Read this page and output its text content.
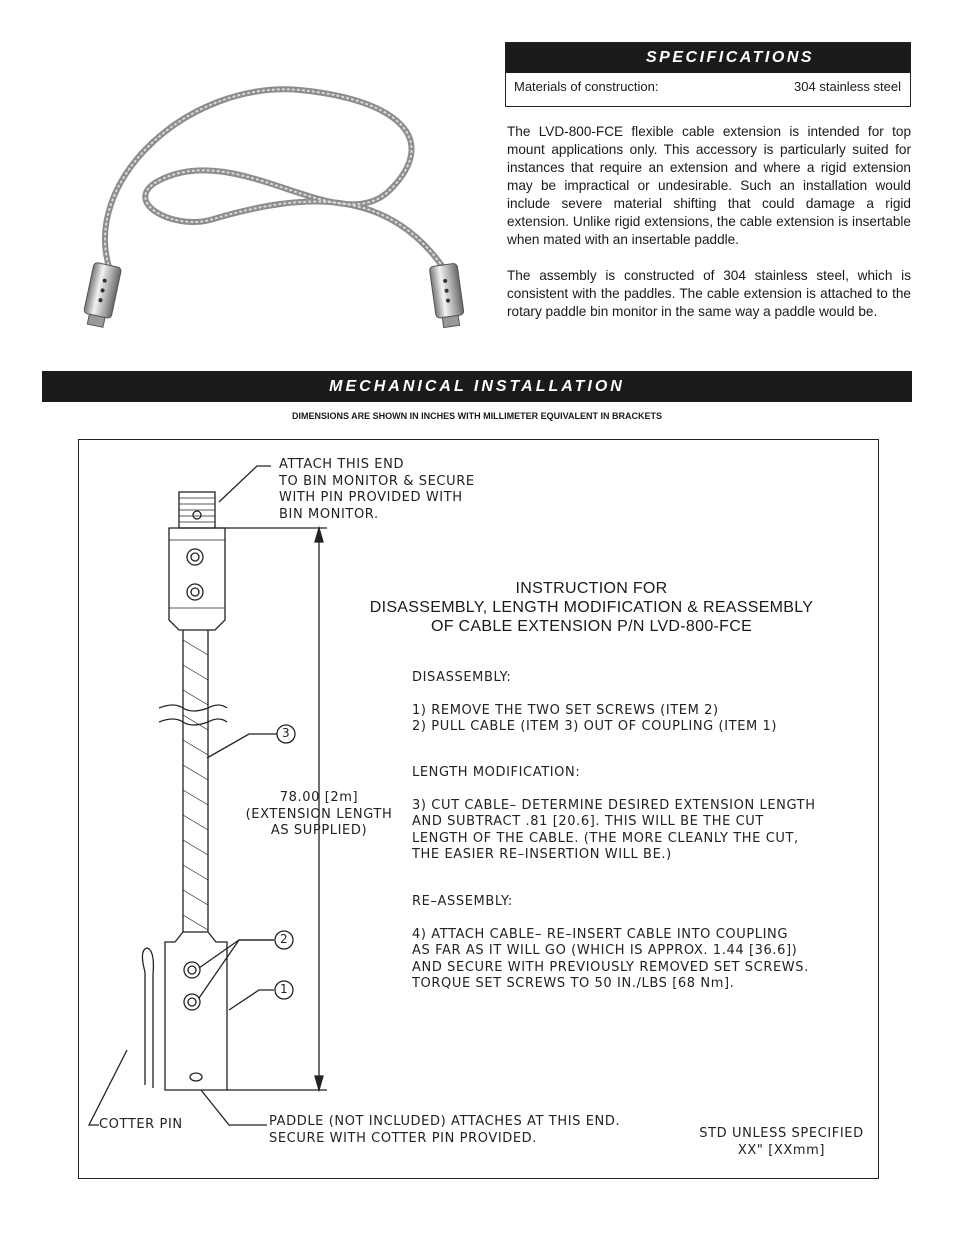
SPECIFICATIONS
Materials of construction:	304 stainless steel

The LVD-800-FCE flexible cable extension is intended for top mount applications only. This accessory is particularly suited for instances that require an extension and where a rigid extension may be impractical or undesirable. Such an installation would include severe material shifting that could damage a rigid extension. Unlike rigid extensions, the cable extension is insertable when mated with an insertable paddle.

The assembly is constructed of 304 stainless steel, which is consistent with the paddles. The cable extension is attached to the rotary paddle bin monitor in the same way a paddle would be.

MECHANICAL INSTALLATION
DIMENSIONS ARE SHOWN IN INCHES WITH MILLIMETER EQUIVALENT IN BRACKETS
ATTACH THIS END
TO BIN MONITOR & SECURE
WITH PIN PROVIDED WITH
BIN MONITOR.
INSTRUCTION FOR
DISASSEMBLY, LENGTH MODIFICATION & REASSEMBLY
OF CABLE EXTENSION P/N LVD-800-FCE
78.00 [2m]
(EXTENSION LENGTH
AS SUPPLIED)
3
2
1
DISASSEMBLY:
1) REMOVE THE TWO SET SCREWS (ITEM 2)
2) PULL CABLE (ITEM 3) OUT OF COUPLING (ITEM 1)
LENGTH MODIFICATION:
3) CUT CABLE– DETERMINE DESIRED EXTENSION LENGTH
AND SUBTRACT .81 [20.6]. THIS WILL BE THE CUT
LENGTH OF THE CABLE. (THE MORE CLEANLY THE CUT,
THE EASIER RE–INSERTION WILL BE.)
RE–ASSEMBLY:
4) ATTACH CABLE– RE–INSERT CABLE INTO COUPLING
AS FAR AS IT WILL GO (WHICH IS APPROX. 1.44 [36.6])
AND SECURE WITH PREVIOUSLY REMOVED SET SCREWS.
TORQUE SET SCREWS TO 50 IN./LBS [68 Nm].
COTTER PIN	PADDLE (NOT INCLUDED) ATTACHES AT THIS END.
SECURE WITH COTTER PIN PROVIDED.	STD UNLESS SPECIFIED
XX" [XXmm]
